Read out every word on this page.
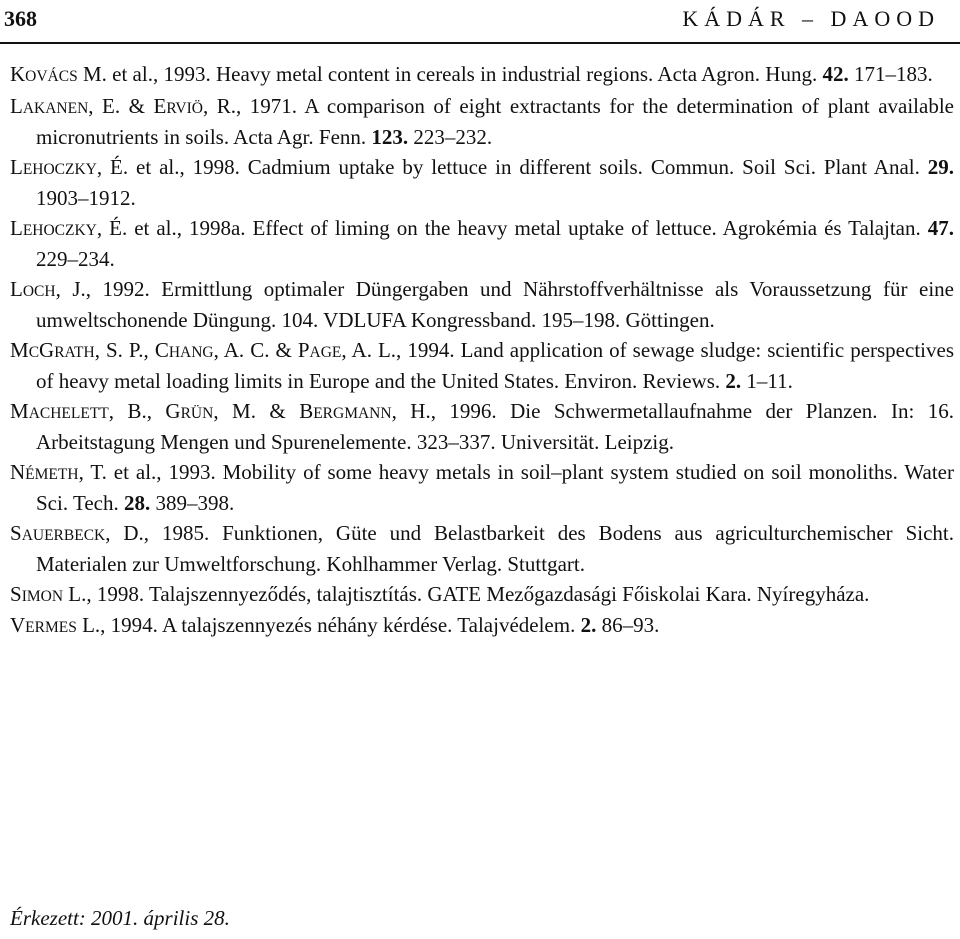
368	KÁDÁR – DAOOD
KOVÁCS M. et al., 1993. Heavy metal content in cereals in industrial regions. Acta Agron. Hung. 42. 171–183.
LAKANEN, E. & ERVIÖ, R., 1971. A comparison of eight extractants for the determination of plant available micronutrients in soils. Acta Agr. Fenn. 123. 223–232.
LEHOCZKY, É. et al., 1998. Cadmium uptake by lettuce in different soils. Commun. Soil Sci. Plant Anal. 29. 1903–1912.
LEHOCZKY, É. et al., 1998a. Effect of liming on the heavy metal uptake of lettuce. Agrokémia és Talajtan. 47. 229–234.
LOCH, J., 1992. Ermittlung optimaler Düngergaben und Nährstoffverhältnisse als Voraussetzung für eine umweltschonende Düngung. 104. VDLUFA Kongressband. 195–198. Göttingen.
MCGRATH, S. P., CHANG, A. C. & PAGE, A. L., 1994. Land application of sewage sludge: scientific perspectives of heavy metal loading limits in Europe and the United States. Environ. Reviews. 2. 1–11.
MACHELETT, B., GRÜN, M. & BERGMANN, H., 1996. Die Schwermetallaufnahme der Planzen. In: 16. Arbeitstagung Mengen und Spurenelemente. 323–337. Universität. Leipzig.
NÉMETH, T. et al., 1993. Mobility of some heavy metals in soil–plant system studied on soil monoliths. Water Sci. Tech. 28. 389–398.
SAUERBECK, D., 1985. Funktionen, Güte und Belastbarkeit des Bodens aus agriculturchemischer Sicht. Materialen zur Umweltforschung. Kohlhammer Verlag. Stuttgart.
SIMON L., 1998. Talajszennyeződés, talajtisztítás. GATE Mezőgazdasági Főiskolai Kara. Nyíregyháza.
VERMES L., 1994. A talajszennyezés néhány kérdése. Talajvédelem. 2. 86–93.
Érkezett: 2001. április 28.
